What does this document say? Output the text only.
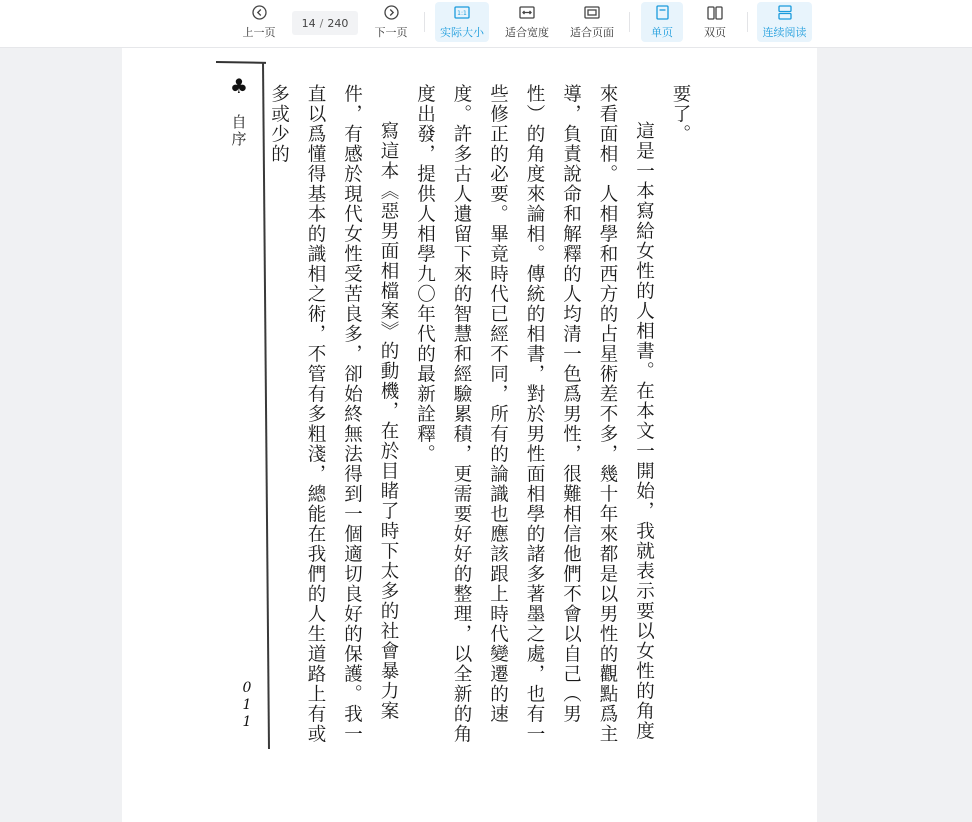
上一页
14 / 240
下一页
1:1
实际大小 适合宽度 适合页面	单页	双页	连续阅读
♣
自
序
0
1
1

要了。

這是一本寫給女性的人相書。在本文一開始，我就表示要以女性的角度來看面相。人相學和西方的占星術差不多，幾十年來都是以男性的觀點爲主導，負責說命和解釋的人均清一色爲男性，很難相信他們不會以自己（男性）的角度來論相。傳統的相書，對於男性面相學的諸多著墨之處，也有一些修正的必要。畢竟時代已經不同，所有的論識也應該跟上時代變遷的速度。許多古人遺留下來的智慧和經驗累積，更需要好好的整理，以全新的角度出發，提供人相學九〇年代的最新詮釋。

寫這本《惡男面相檔案》的動機，在於目睹了時下太多的社會暴力案件，有感於現代女性受苦良多，卻始終無法得到一個適切良好的保護。我一直以爲懂得基本的識相之術，不管有多粗淺，總能在我們的人生道路上有或多或少的
